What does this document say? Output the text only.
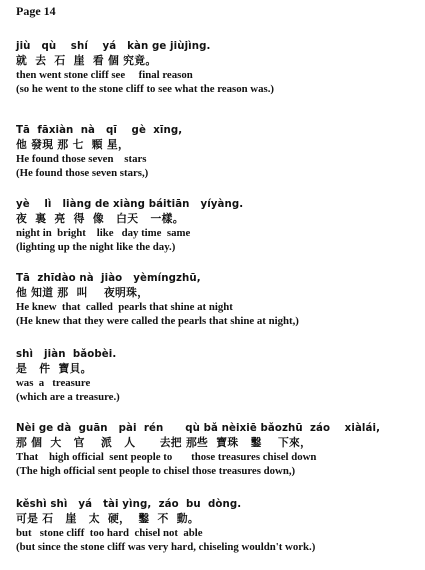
Page 14
jiù   qù    shí    yá   kàn ge jiùjìng.
就  去  石  崖  看 個 究竟。
then went stone cliff see     final reason
(so he went to the stone cliff to see what the reason was.)
Tā  fāxiàn  nà   qī    gè  xīng,
他 發現 那 七  顆 星，
He found those seven    stars
(He found those seven stars,)
yè    lì   liàng de xiàng báitiān   yíyàng.
夜  裏  亮  得  像   白天   一樣。
night in  bright    like   day time  same
(lighting up the night like the day.)
Tā  zhīdào nà  jiào   yèmíngzhū,
他 知道 那  叫    夜明珠，
He knew  that  called  pearls that shine at night
(He knew that they were called the pearls that shine at night,)
shì   jiàn  bǎobèi.
是   件  寶貝。
was  a   treasure
(which are a treasure.)
Nèi ge dà  guān   pài  rén      qù bǎ nèixiē bǎozhū  záo    xiàlái,
那 個  大   官    派   人      去把 那些  寶珠   鑿    下來，
That    high official  sent people to       those treasures chisel down
(The high official sent people to chisel those treasures down,)
kěshì shì   yá   tài yìng,  záo  bu  dòng.
可是 石   崖   太  硬，  鑿  不  動。
but   stone cliff  too hard  chisel not  able
(but since the stone cliff was very hard, chiseling wouldn't work.)
